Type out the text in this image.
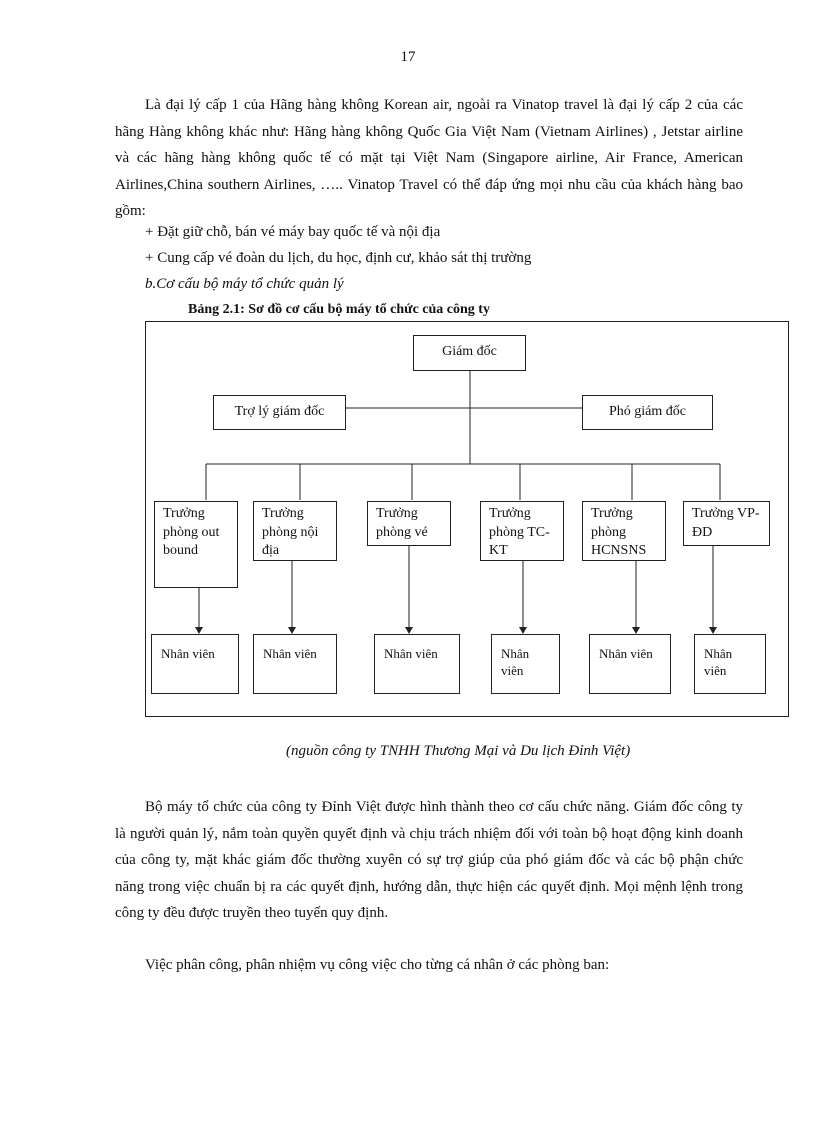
17

Là đại lý cấp 1 của Hãng hàng không Korean air, ngoài ra Vinatop travel là đại lý cấp 2 của các hãng Hàng không khác như: Hãng hàng không Quốc Gia Việt Nam (Vietnam Airlines) , Jetstar airline và các hãng hàng không quốc tế có mặt tại Việt Nam (Singapore airline, Air France, American Airlines,China southern Airlines, ….. Vinatop Travel có thể đáp ứng mọi nhu cầu của khách hàng bao gồm:

+ Đặt giữ chỗ, bán vé máy bay quốc tế và nội địa
+ Cung cấp vé đoàn du lịch, du học, định cư, khảo sát thị trường
b.Cơ cấu bộ máy tổ chức quản lý
Bảng 2.1: Sơ đồ cơ cấu bộ máy tổ chức của công ty
Giám đốc
Trợ lý giám đốc	Phó giám đốc
Trưởng phòng out bound
Trưởng phòng nội địa
Trưởng phòng vé
Trưởng phòng TC-KT
Trưởng phòng HCNSNS
Trưởng VP-ĐD
Nhân viên	Nhân viên	Nhân viên	Nhân viên
Nhân viên	Nhân viên
(nguồn công ty TNHH Thương Mại và Du lịch Đỉnh Việt)

Bộ máy tổ chức của công ty Đỉnh Việt được hình thành theo cơ cấu chức năng. Giám đốc công ty là người quản lý, nắm toàn quyền quyết định và chịu trách nhiệm đối với toàn bộ hoạt động kinh doanh của công ty, mặt khác giám đốc thường xuyên có sự trợ giúp của phó giám đốc và các bộ phận chức năng trong việc chuẩn bị ra các quyết định, hướng dẫn, thực hiện các quyết định. Mọi mệnh lệnh trong công ty đều được truyền theo tuyến quy định.

Việc phân công, phân nhiệm vụ công việc cho từng cá nhân ở các phòng ban:
